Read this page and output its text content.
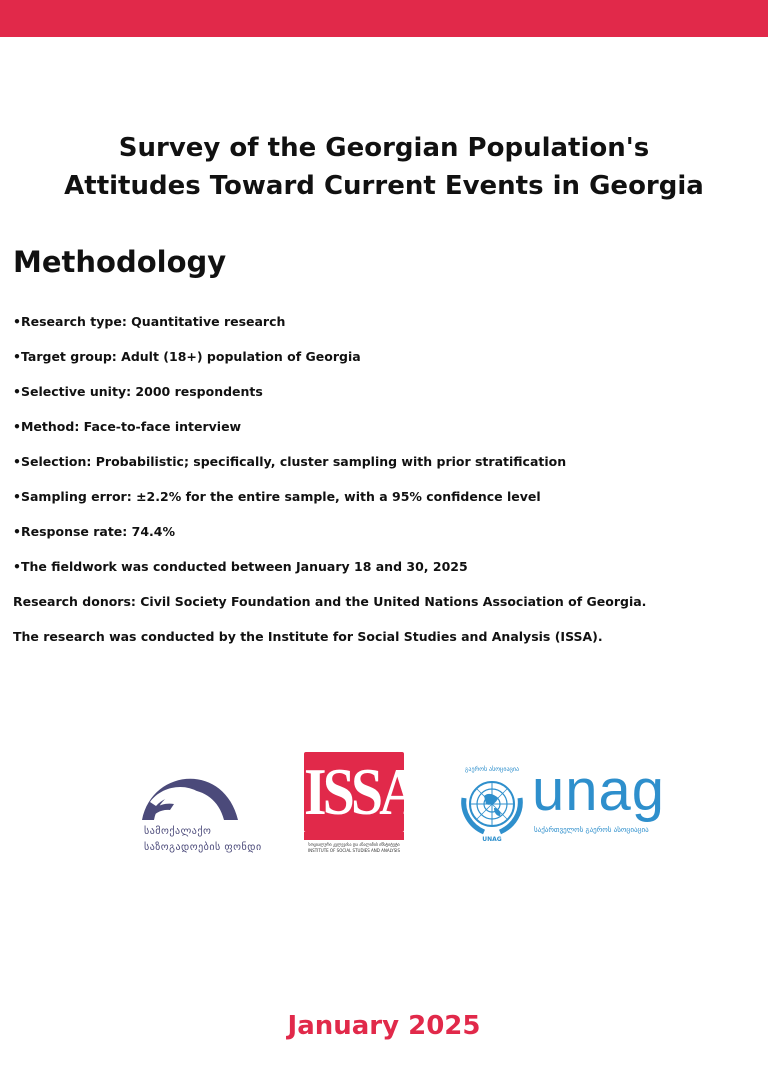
Survey of the Georgian Population's
Attitudes Toward Current Events in Georgia
Methodology
•Research type: Quantitative research
•Target group: Adult (18+) population of Georgia
•Selective unity: 2000 respondents
•Method: Face-to-face interview
•Selection: Probabilistic; specifically, cluster sampling with prior stratification
•Sampling error: ±2.2% for the entire sample, with a 95% confidence level
•Response rate: 74.4%
•The fieldwork was conducted between January 18 and 30, 2025
Research donors: Civil Society Foundation and the United Nations Association of Georgia.
The research was conducted by the Institute for Social Studies and Analysis (ISSA).
სამოქალაქო
საზოგადოების ფონდი
ISSA
სოციალური კვლევისა და ანალიზის ინსტიტუტი
INSTITUTE OF SOCIAL STUDIES AND ANALYSIS
გაეროს ასოციაცია
UNAG
unag
საქართველოს გაეროს ასოციაცია
January 2025
